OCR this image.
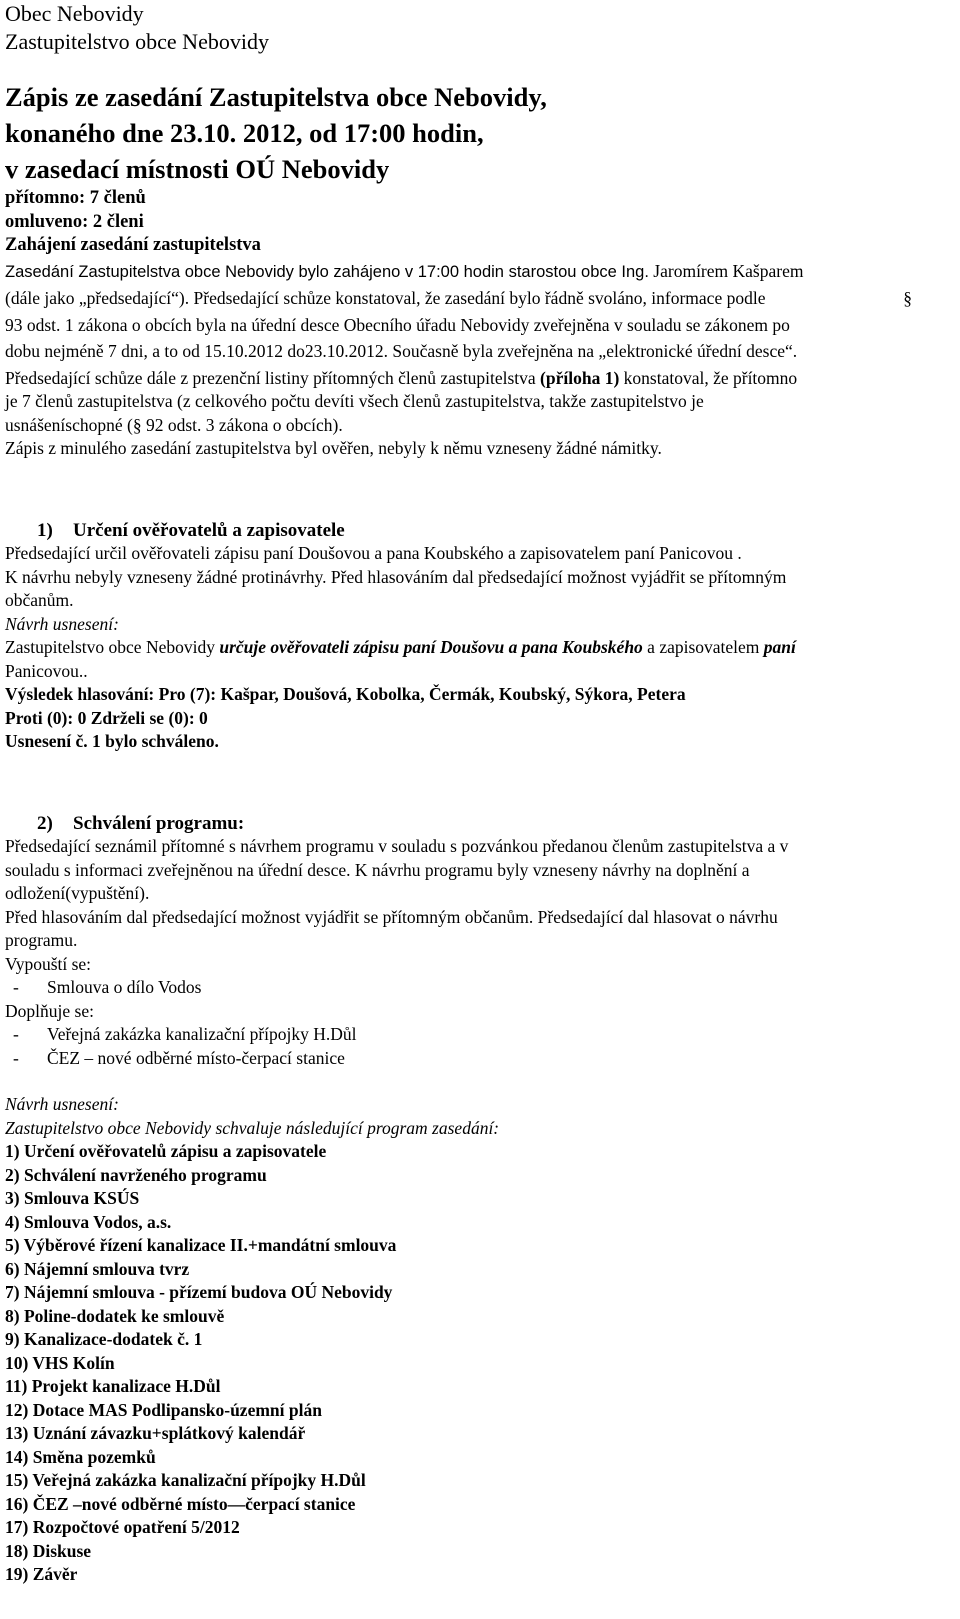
Obec Nebovidy
Zastupitelstvo obce Nebovidy
Zápis ze zasedání Zastupitelstva obce Nebovidy,
konaného dne 23.10. 2012, od 17:00 hodin,
v zasedací místnosti OÚ Nebovidy
přítomno: 7 členů
omluveno: 2 členi
Zahájení zasedání zastupitelstva
Zasedání Zastupitelstva obce Nebovidy bylo zahájeno v 17:00 hodin starostou obce Ing. Jaromírem Kašparem
(dále jako „předsedající“). Předsedající schůze konstatoval, že zasedání bylo řádně svoláno, informace podle	§
93 odst. 1 zákona o obcích byla na úřední desce Obecního úřadu Nebovidy zveřejněna v souladu se zákonem po
dobu nejméně 7 dni, a to od 15.10.2012 do23.10.2012. Současně byla zveřejněna na „elektronické úřední desce“.
Předsedající schůze dále z prezenční listiny přítomných členů zastupitelstva (příloha 1) konstatoval, že přítomno
je 7 členů zastupitelstva (z celkového počtu devíti všech členů zastupitelstva, takže zastupitelstvo je
usnášeníschopné (§ 92 odst. 3 zákona o obcích).
Zápis z minulého zasedání zastupitelstva byl ověřen, nebyly k němu vzneseny žádné námitky.
1) Určení ověřovatelů a zapisovatele
Předsedající určil ověřovateli zápisu paní Doušovou a pana Koubského a zapisovatelem paní Panicovou .
K návrhu nebyly vzneseny žádné protinávrhy. Před hlasováním dal předsedající možnost vyjádřit se přítomným
občanům.
Návrh usnesení:
Zastupitelstvo obce Nebovidy určuje ověřovateli zápisu paní Doušovu a pana Koubského a zapisovatelem paní
Panicovou..
Výsledek hlasování: Pro (7): Kašpar, Doušová, Kobolka, Čermák, Koubský, Sýkora, Petera
Proti (0): 0 Zdrželi se (0): 0
Usnesení č. 1 bylo schváleno.
2) Schválení programu:
Předsedající seznámil přítomné s návrhem programu v souladu s pozvánkou předanou členům zastupitelstva a v
souladu s informaci zveřejněnou na úřední desce. K návrhu programu byly vzneseny návrhy na doplnění a
odložení(vypuštění).
Před hlasováním dal předsedající možnost vyjádřit se přítomným občanům. Předsedající dal hlasovat o návrhu
programu.
Vypouští se:
- Smlouva o dílo Vodos
Doplňuje se:
- Veřejná zakázka kanalizační přípojky H.Důl
- ČEZ – nové odběrné místo-čerpací stanice
Návrh usnesení:
Zastupitelstvo obce Nebovidy schvaluje následující program zasedání:
1) Určení ověřovatelů zápisu a zapisovatele
2) Schválení navrženého programu
3) Smlouva KSÚS
4) Smlouva Vodos, a.s.
5) Výběrové řízení kanalizace II.+mandátní smlouva
6) Nájemní smlouva tvrz
7) Nájemní smlouva - přízemí budova OÚ Nebovidy
8) Poline-dodatek ke smlouvě
9) Kanalizace-dodatek č. 1
10) VHS Kolín
11) Projekt kanalizace H.Důl
12) Dotace MAS Podlipansko-územní plán
13) Uznání závazku+splátkový kalendář
14) Směna pozemků
15) Veřejná zakázka kanalizační přípojky H.Důl
16) ČEZ –nové odběrné místo—čerpací stanice
17) Rozpočtové opatření 5/2012
18) Diskuse
19) Závěr
